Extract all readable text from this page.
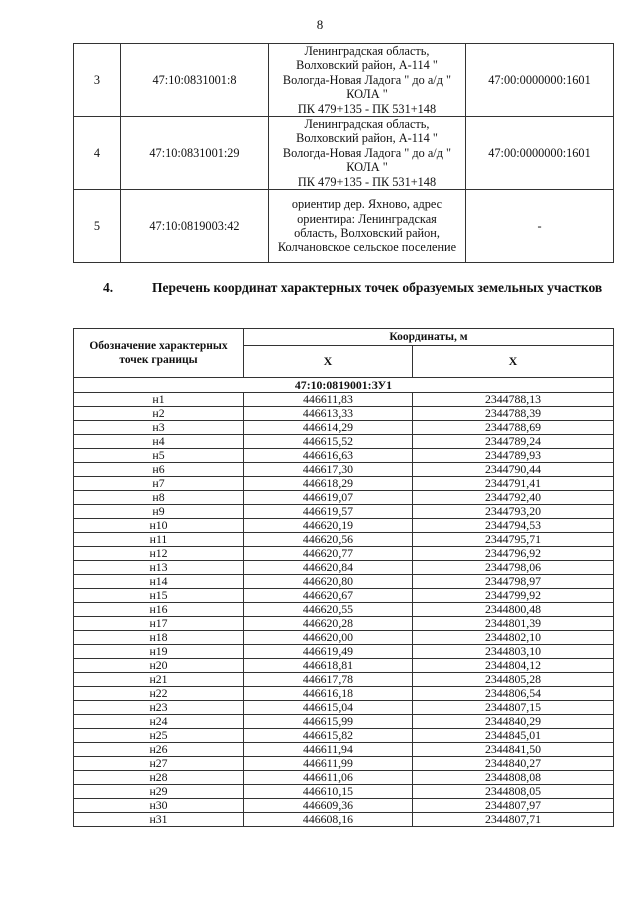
8
3	47:10:0831001:8	Ленинградская область,
Волховский район, А-114 "
Вологда-Новая Ладога " до а/д "
КОЛА "
ПК 479+135 - ПК 531+148	47:00:0000000:1601
4	47:10:0831001:29	Ленинградская область,
Волховский район, А-114 "
Вологда-Новая Ладога " до а/д "
КОЛА "
ПК 479+135 - ПК 531+148	47:00:0000000:1601
5	47:10:0819003:42	ориентир дер. Яхново, адрес
ориентира: Ленинградская
область, Волховский район,
Колчановское сельское поселение	-
4.	Перечень координат характерных точек образуемых земельных участков
Обозначение характерных точек границы	Координаты, м	
	X	X
47:10:0819001:ЗУ1		
н1	446611,83	2344788,13
н2	446613,33	2344788,39
н3	446614,29	2344788,69
н4	446615,52	2344789,24
н5	446616,63	2344789,93
н6	446617,30	2344790,44
н7	446618,29	2344791,41
н8	446619,07	2344792,40
н9	446619,57	2344793,20
н10	446620,19	2344794,53
н11	446620,56	2344795,71
н12	446620,77	2344796,92
н13	446620,84	2344798,06
н14	446620,80	2344798,97
н15	446620,67	2344799,92
н16	446620,55	2344800,48
н17	446620,28	2344801,39
н18	446620,00	2344802,10
н19	446619,49	2344803,10
н20	446618,81	2344804,12
н21	446617,78	2344805,28
н22	446616,18	2344806,54
н23	446615,04	2344807,15
н24	446615,99	2344840,29
н25	446615,82	2344845,01
н26	446611,94	2344841,50
н27	446611,99	2344840,27
н28	446611,06	2344808,08
н29	446610,15	2344808,05
н30	446609,36	2344807,97
н31	446608,16	2344807,71
